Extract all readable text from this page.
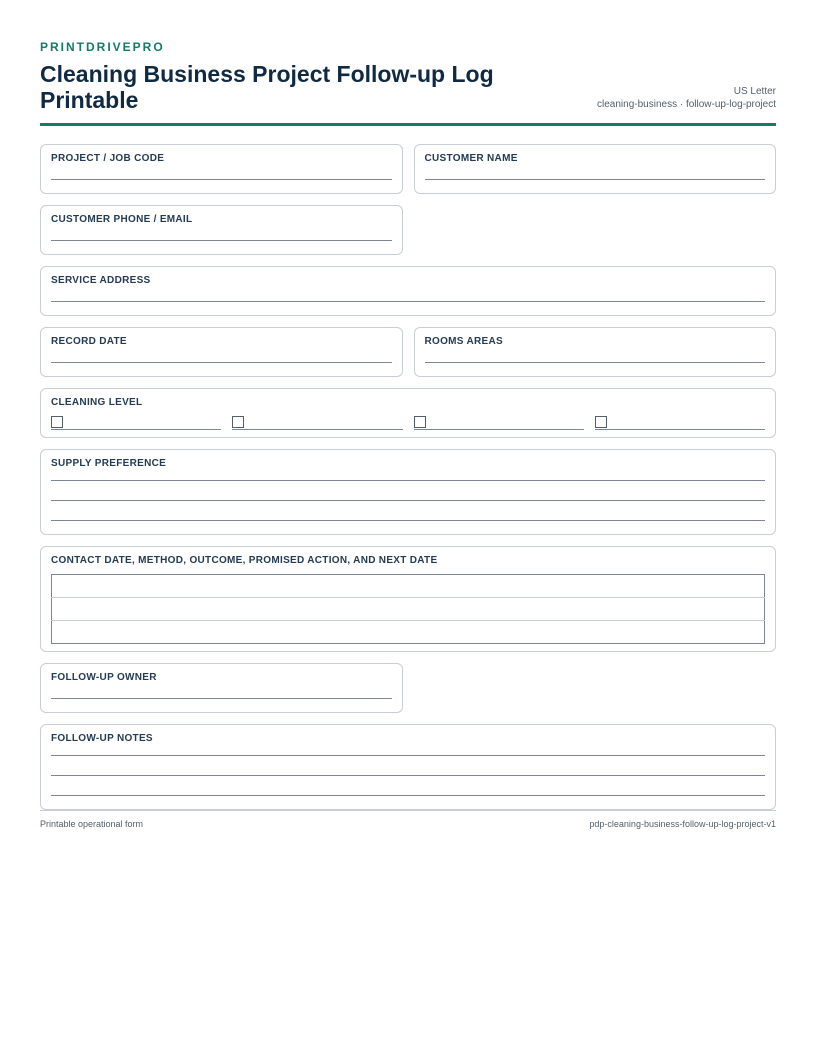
PRINTDRIVEPRO
Cleaning Business Project Follow-up Log Printable	US Letter
cleaning-business · follow-up-log-project

PROJECT / JOB CODE	CUSTOMER NAME

CUSTOMER PHONE / EMAIL

SERVICE ADDRESS

RECORD DATE	ROOMS AREAS

CLEANING LEVEL

SUPPLY PREFERENCE

CONTACT DATE, METHOD, OUTCOME, PROMISED ACTION, AND NEXT DATE

FOLLOW-UP OWNER

FOLLOW-UP NOTES

Printable operational form	pdp-cleaning-business-follow-up-log-project-v1
